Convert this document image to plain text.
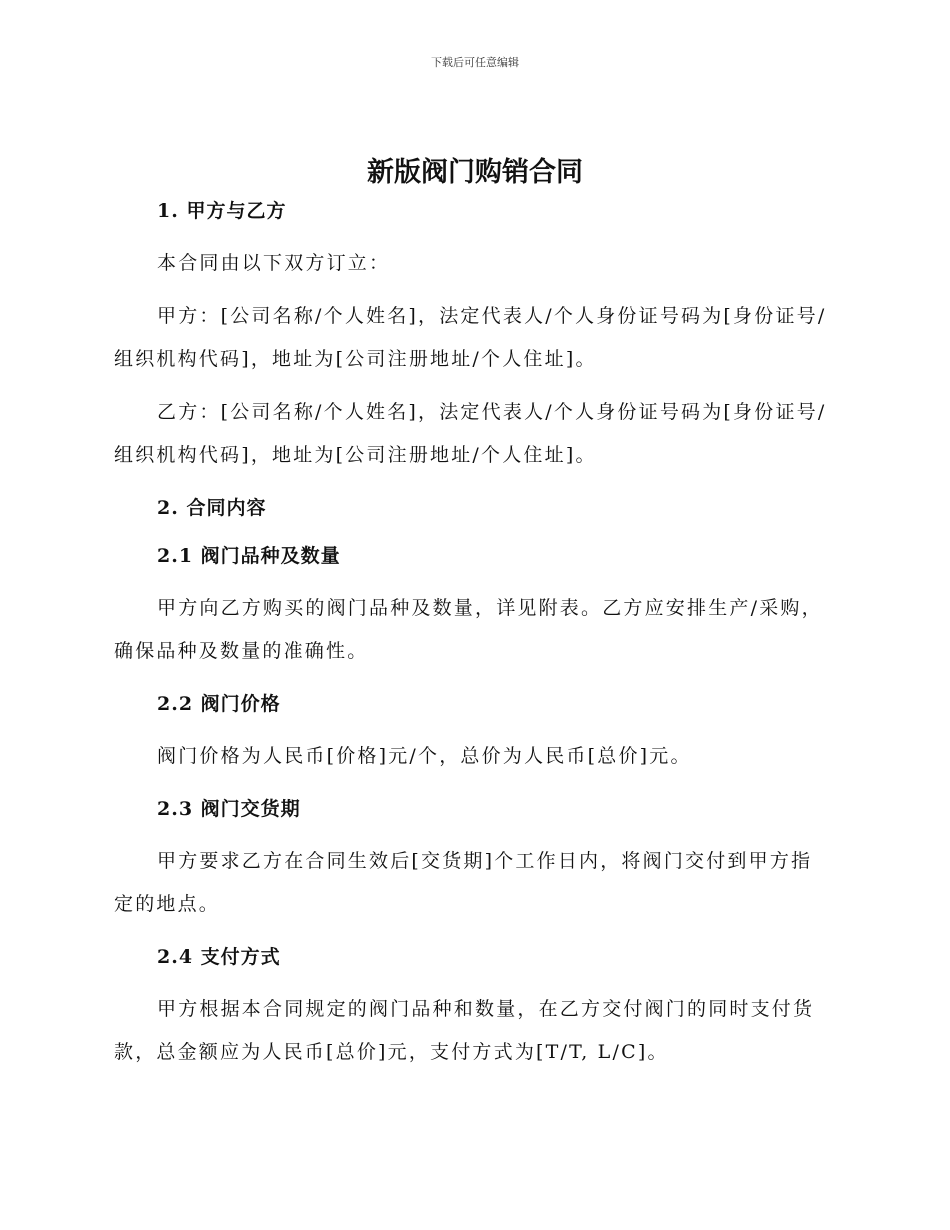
下载后可任意编辑
新版阀门购销合同
1. 甲方与乙方

本合同由以下双方订立：

甲方：[公司名称/个人姓名]，法定代表人/个人身份证号码为[身份证号/组织机构代码]，地址为[公司注册地址/个人住址]。

乙方：[公司名称/个人姓名]，法定代表人/个人身份证号码为[身份证号/组织机构代码]，地址为[公司注册地址/个人住址]。

2. 合同内容
2.1 阀门品种及数量

甲方向乙方购买的阀门品种及数量，详见附表。乙方应安排生产/采购，确保品种及数量的准确性。

2.2 阀门价格

阀门价格为人民币[价格]元/个，总价为人民币[总价]元。

2.3 阀门交货期

甲方要求乙方在合同生效后[交货期]个工作日内，将阀门交付到甲方指定的地点。

2.4 支付方式

甲方根据本合同规定的阀门品种和数量，在乙方交付阀门的同时支付货款，总金额应为人民币[总价]元，支付方式为[T/T, L/C]。
